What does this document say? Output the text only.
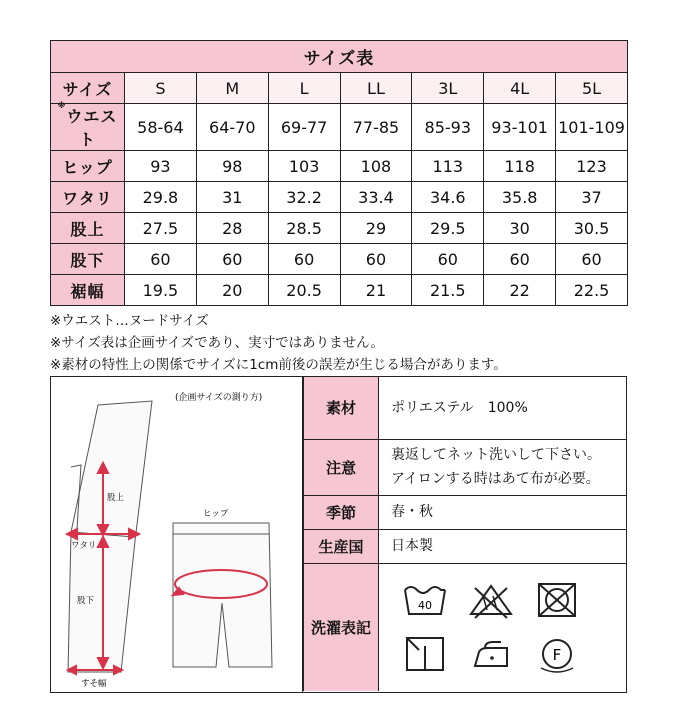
サイズ表							
サイズ	S	M	L	LL	3L	4L	5L
※ウエスト	58-64	64-70	69-77	77-85	85-93	93-101	101-109
ヒップ	93	98	103	108	113	118	123
ワタリ	29.8	31	32.2	33.4	34.6	35.8	37
股上	27.5	28	28.5	29	29.5	30	30.5
股下	60	60	60	60	60	60	60
裾幅	19.5	20	20.5	21	21.5	22	22.5
※ウエスト…ヌードサイズ
※サイズ表は企画サイズであり、実寸ではありません。
※素材の特性上の関係でサイズに1cm前後の誤差が生じる場合があります。
(企画サイズの測り方)
股上
ワタリ
股下
すそ幅
ヒップ
素材	ポリエステル　100%

注意	裏返してネット洗いして下さい。
アイロンする時はあて布が必要。

季節	春・秋
生産国	日本製
洗濯表記	40
F
